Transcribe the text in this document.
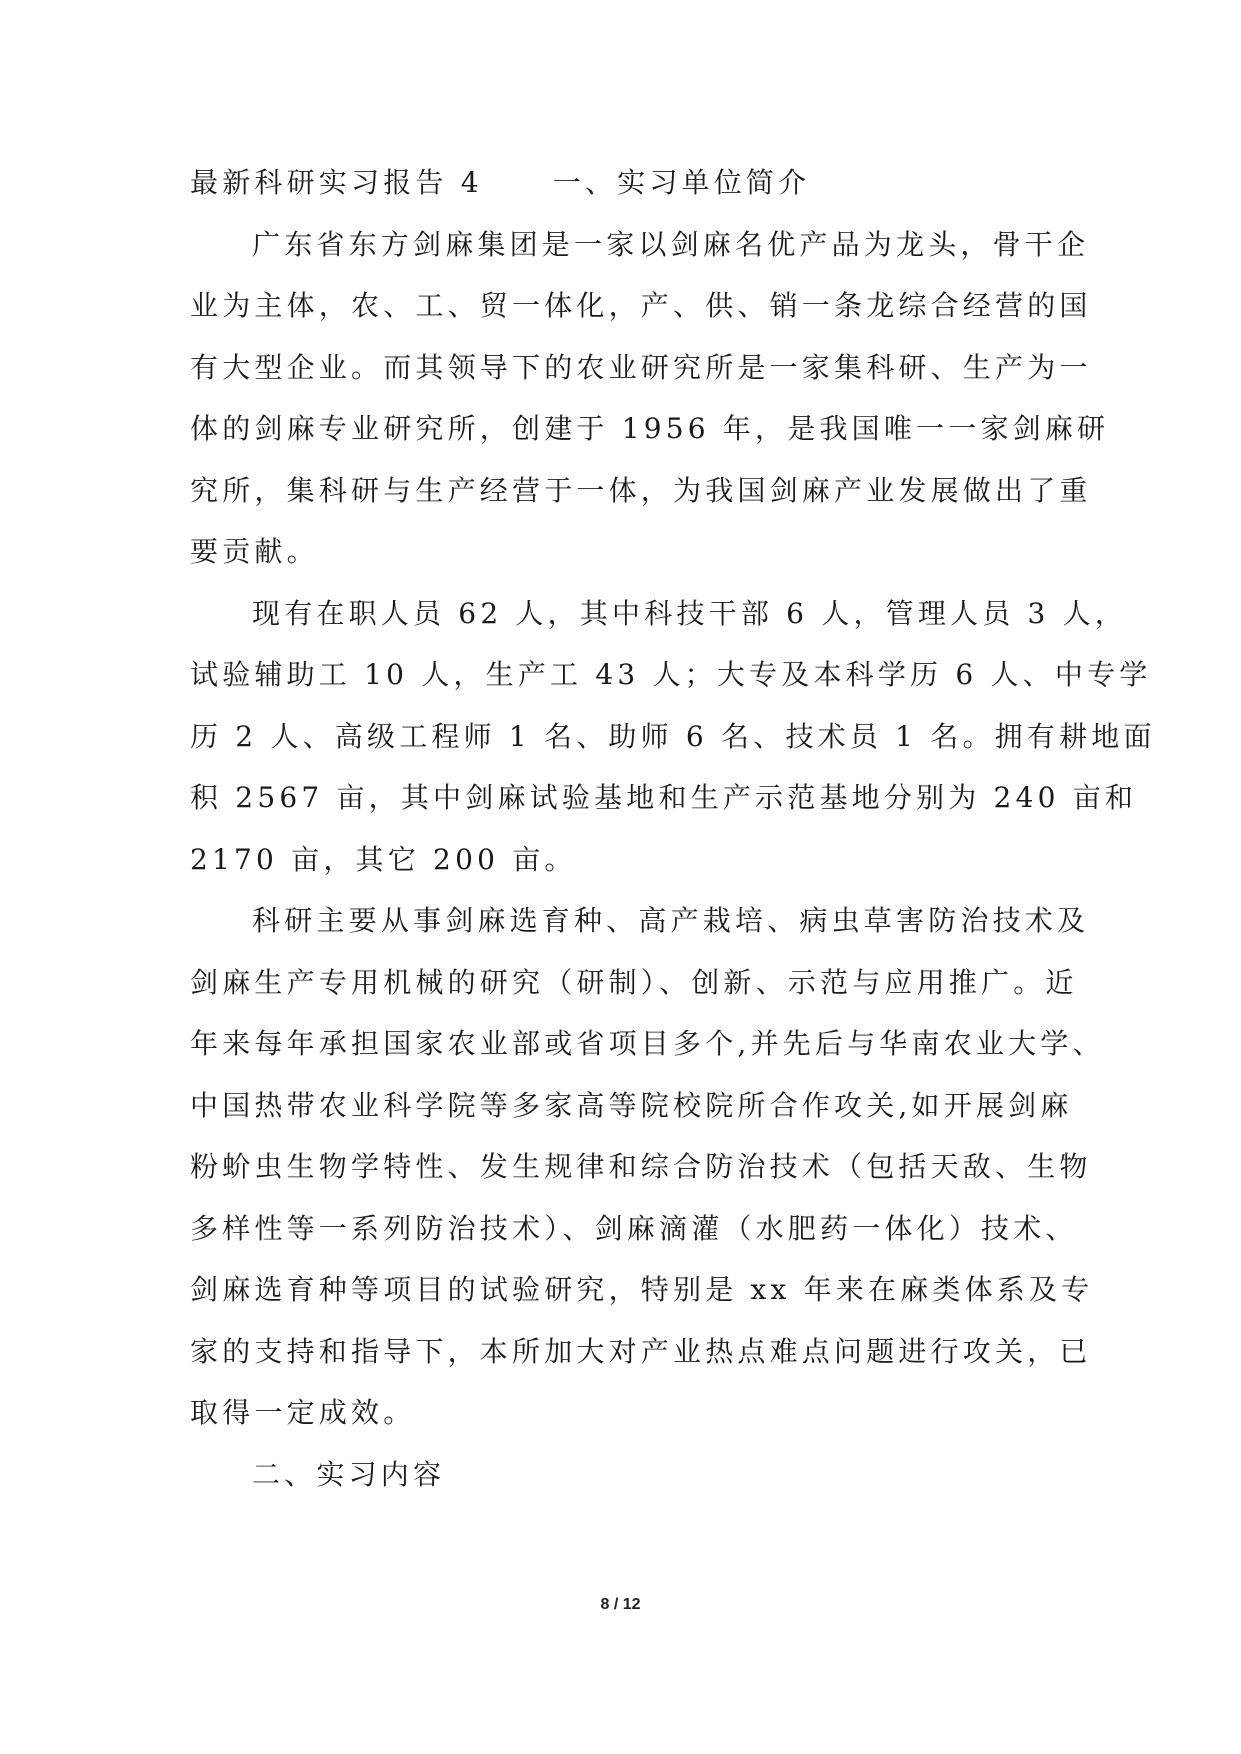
最新科研实习报告 4	一、实习单位简介
广东省东方剑麻集团是一家以剑麻名优产品为龙头，骨干企
业为主体，农、工、贸一体化，产、供、销一条龙综合经营的国
有大型企业。而其领导下的农业研究所是一家集科研、生产为一
体的剑麻专业研究所，创建于 1956 年，是我国唯一一家剑麻研
究所，集科研与生产经营于一体，为我国剑麻产业发展做出了重
要贡献。
现有在职人员 62 人，其中科技干部 6 人，管理人员 3 人，
试验辅助工 10 人，生产工 43 人；大专及本科学历 6 人、中专学
历 2 人、高级工程师 1 名、助师 6 名、技术员 1 名。拥有耕地面
积 2567 亩，其中剑麻试验基地和生产示范基地分别为 240 亩和
2170 亩，其它 200 亩。
科研主要从事剑麻选育种、高产栽培、病虫草害防治技术及
剑麻生产专用机械的研究（研制）、创新、示范与应用推广。近
年来每年承担国家农业部或省项目多个,并先后与华南农业大学、
中国热带农业科学院等多家高等院校院所合作攻关,如开展剑麻
粉蚧虫生物学特性、发生规律和综合防治技术（包括天敌、生物
多样性等一系列防治技术）、剑麻滴灌（水肥药一体化）技术、
剑麻选育种等项目的试验研究，特别是 xx 年来在麻类体系及专
家的支持和指导下，本所加大对产业热点难点问题进行攻关，已
取得一定成效。
二、实习内容
8 / 12
